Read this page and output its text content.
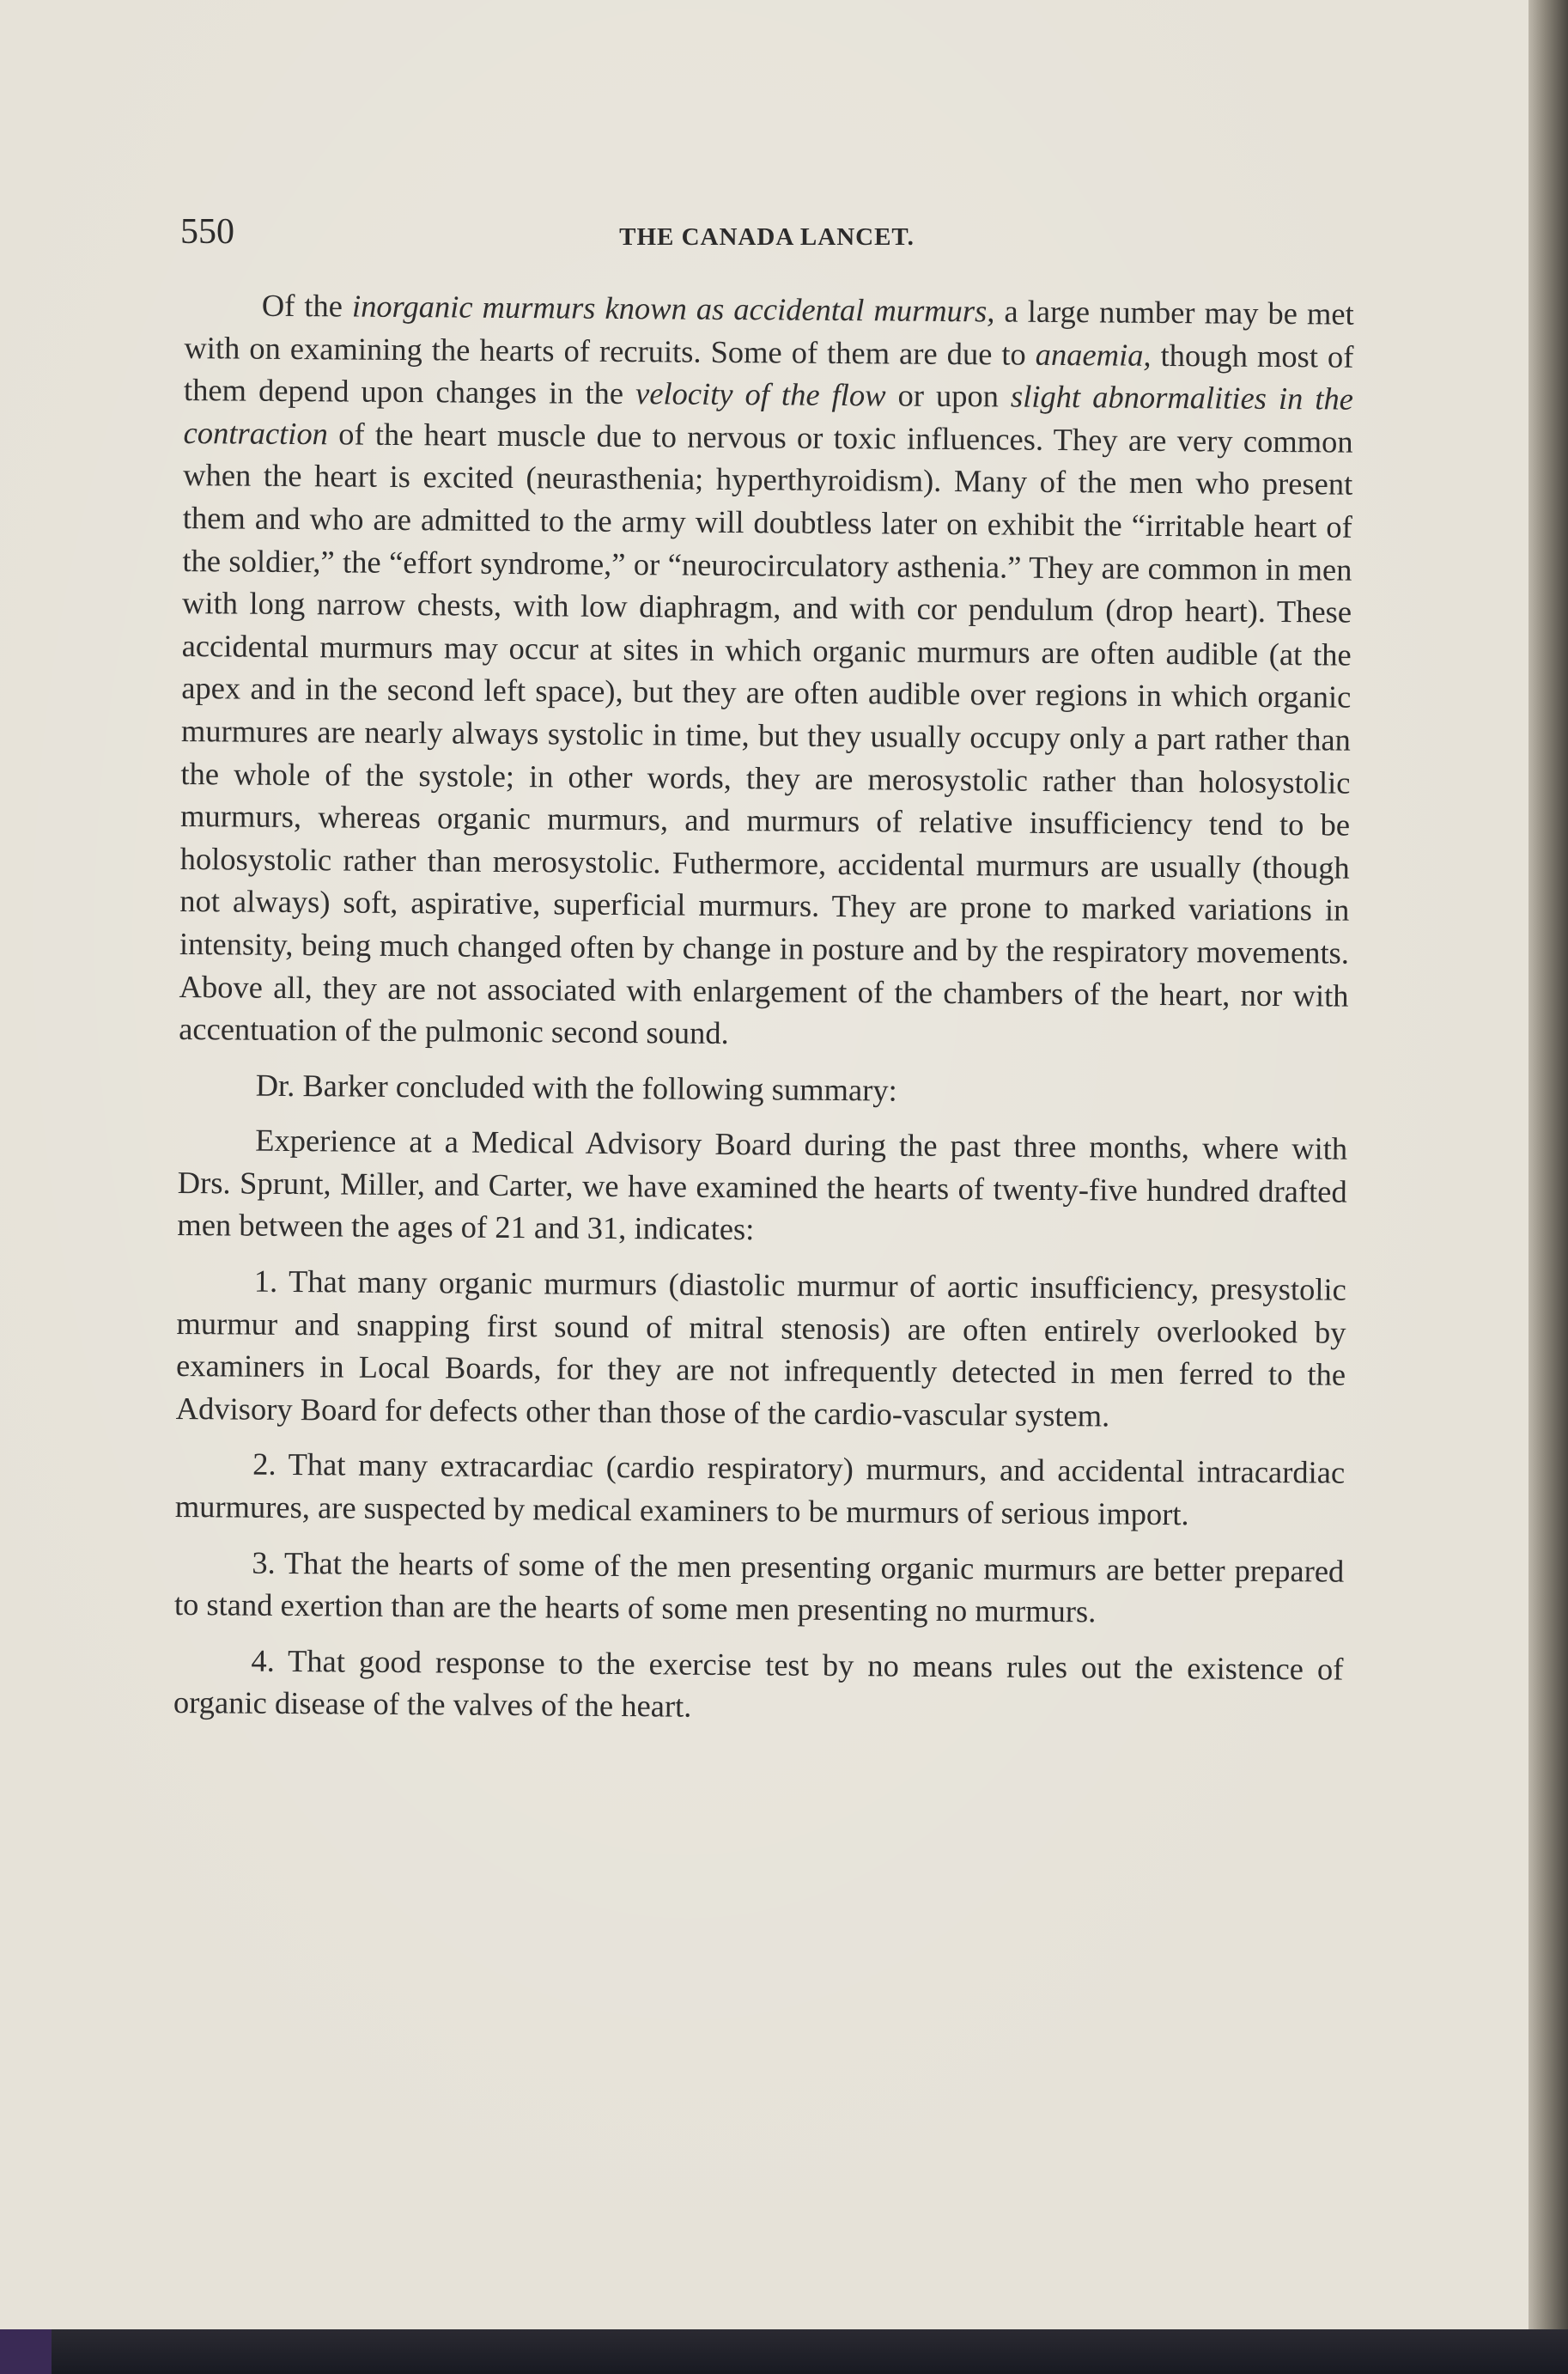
550	THE CANADA LANCET.

Of the inorganic murmurs known as accidental murmurs, a large number may be met with on examining the hearts of recruits. Some of them are due to anaemia, though most of them depend upon changes in the velocity of the flow or upon slight abnormalities in the contraction of the heart muscle due to nervous or toxic influences. They are very common when the heart is excited (neurasthenia; hyperthyroidism). Many of the men who present them and who are admitted to the army will doubtless later on exhibit the “irritable heart of the soldier,” the “effort syndrome,” or “neurocirculatory asthenia.” They are common in men with long narrow chests, with low diaphragm, and with cor pendulum (drop heart). These accidental murmurs may occur at sites in which organic murmurs are often audible (at the apex and in the second left space), but they are often audible over regions in which organic murmures are nearly always systolic in time, but they usually occupy only a part rather than the whole of the systole; in other words, they are merosystolic rather than holosystolic murmurs, whereas organic murmurs, and murmurs of relative insufficiency tend to be holosystolic rather than merosystolic. Futhermore, accidental murmurs are usually (though not always) soft, aspirative, superficial murmurs. They are prone to marked variations in intensity, being much changed often by change in posture and by the respiratory movements. Above all, they are not associated with enlargement of the chambers of the heart, nor with accentuation of the pulmonic second sound.

Dr. Barker concluded with the following summary:

Experience at a Medical Advisory Board during the past three months, where with Drs. Sprunt, Miller, and Carter, we have examined the hearts of twenty-five hundred drafted men between the ages of 21 and 31, indicates:

1. That many organic murmurs (diastolic murmur of aortic insufficiency, presystolic murmur and snapping first sound of mitral stenosis) are often entirely overlooked by examiners in Local Boards, for they are not infrequently detected in men ferred to the Advisory Board for defects other than those of the cardio-vascular system.

2. That many extracardiac (cardio respiratory) murmurs, and accidental intracardiac murmures, are suspected by medical examiners to be murmurs of serious import.

3. That the hearts of some of the men presenting organic murmurs are better prepared to stand exertion than are the hearts of some men presenting no murmurs.

4. That good response to the exercise test by no means rules out the existence of organic disease of the valves of the heart.
